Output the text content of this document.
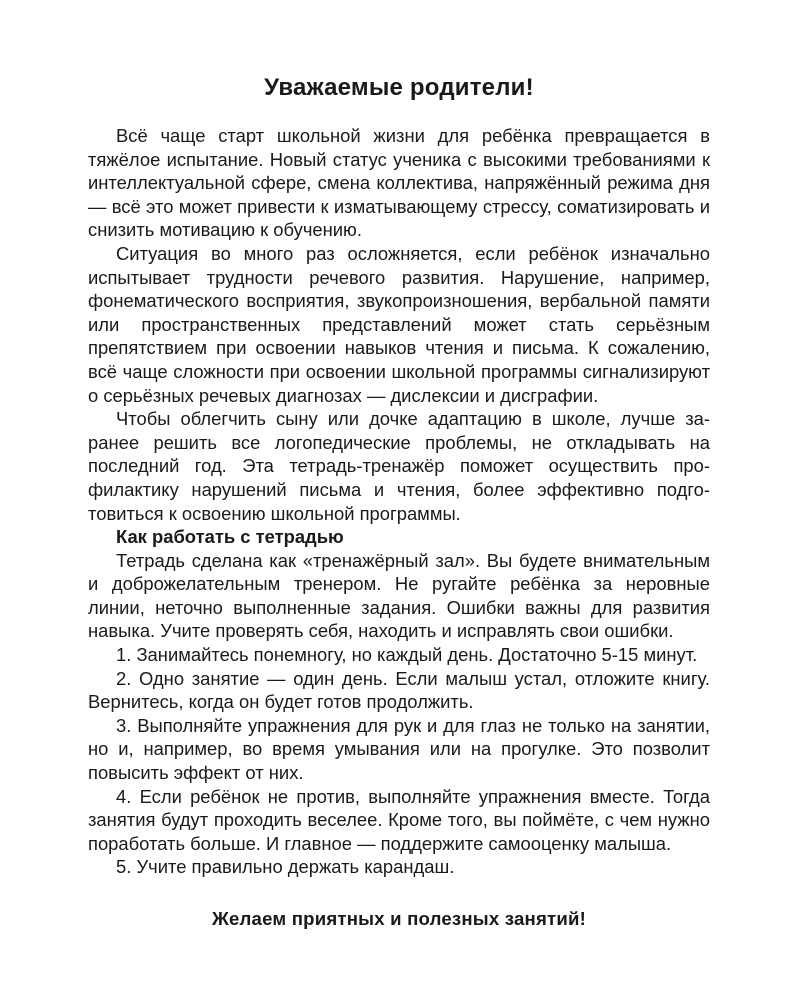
Уважаемые родители!

Всё чаще старт школьной жизни для ребёнка превращается в тяжёлое испытание. Новый статус ученика с высокими требованиями к интеллектуальной сфере, смена коллектива, напряжённый режима дня — всё это может привести к изматывающему стрессу, соматизировать и снизить мотивацию к обучению.

Ситуация во много раз осложняется, если ребёнок изначально испытывает трудности речевого развития. Нарушение, например, фонематического восприятия, звукопроизношения, вербальной памяти или пространственных представлений может стать серьёзным препятствием при освоении навыков чтения и письма. К сожалению, всё чаще сложности при освоении школьной программы сигнализируют о серьёзных речевых диагнозах — дислексии и дисграфии.

Чтобы облегчить сыну или дочке адаптацию в школе, лучше заранее решить все логопедические проблемы, не откладывать на последний год. Эта тетрадь-тренажёр поможет осуществить профилактику нарушений письма и чтения, более эффективно подготовиться к освоению школьной программы.

Как работать с тетрадью

Тетрадь сделана как «тренажёрный зал». Вы будете внимательным и доброжелательным тренером. Не ругайте ребёнка за неровные линии, неточно выполненные задания. Ошибки важны для развития навыка. Учите проверять себя, находить и исправлять свои ошибки.

1. Занимайтесь понемногу, но каждый день. Достаточно 5-15 минут.

2. Одно занятие — один день. Если малыш устал, отложите книгу. Вернитесь, когда он будет готов продолжить.

3. Выполняйте упражнения для рук и для глаз не только на занятии, но и, например, во время умывания или на прогулке. Это позволит повысить эффект от них.

4. Если ребёнок не против, выполняйте упражнения вместе. Тогда занятия будут проходить веселее. Кроме того, вы поймёте, с чем нужно поработать больше. И главное — поддержите самооценку малыша.

5. Учите правильно держать карандаш.

Желаем приятных и полезных занятий!
